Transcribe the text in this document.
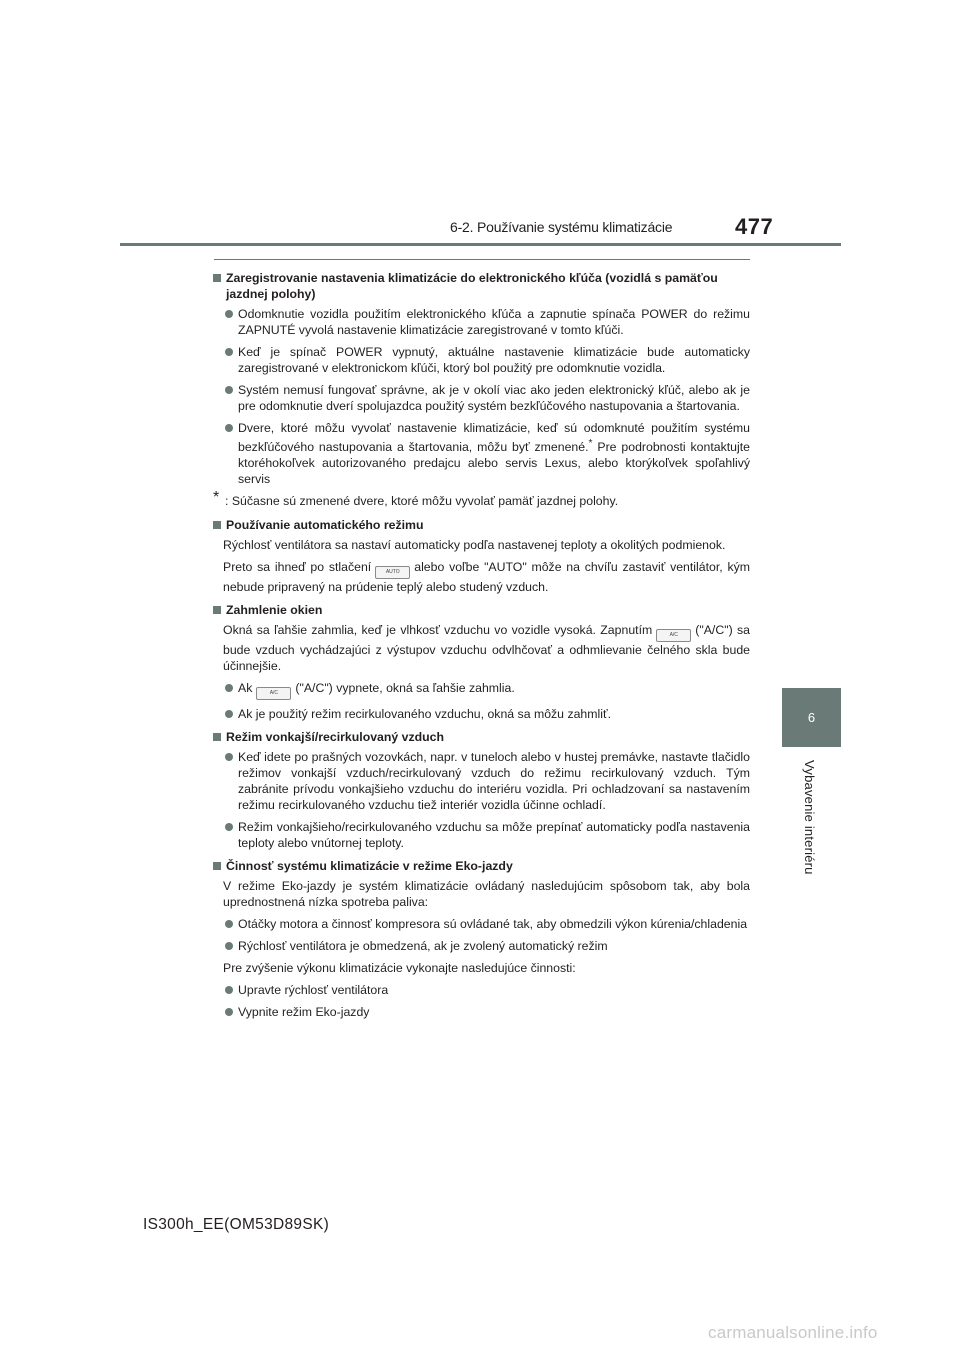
6-2. Používanie systému klimatizácie	477
6
Vybavenie interiéru
Zaregistrovanie nastavenia klimatizácie do elektronického kľúča (vozidlá s pamäťou jazdnej polohy)
Odomknutie vozidla použitím elektronického kľúča a zapnutie spínača POWER do režimu ZAPNUTÉ vyvolá nastavenie klimatizácie zaregistrované v tomto kľúči.
Keď je spínač POWER vypnutý, aktuálne nastavenie klimatizácie bude automaticky zaregistrované v elektronickom kľúči, ktorý bol použitý pre odomknutie vozidla.
Systém nemusí fungovať správne, ak je v okolí viac ako jeden elektronický kľúč, alebo ak je pre odomknutie dverí spolujazdca použitý systém bezkľúčového nastupovania a štartovania.
Dvere, ktoré môžu vyvolať nastavenie klimatizácie, keď sú odomknuté použitím systému bezkľúčového nastupovania a štartovania, môžu byť zmenené.* Pre podrobnosti kontaktujte ktoréhokoľvek autorizovaného predajcu alebo servis Lexus, alebo ktorýkoľvek spoľahlivý servis
* : Súčasne sú zmenené dvere, ktoré môžu vyvolať pamäť jazdnej polohy.
Používanie automatického režimu
Rýchlosť ventilátora sa nastaví automaticky podľa nastavenej teploty a okolitých podmienok.
Preto sa ihneď po stlačení	AUTO alebo voľbe "AUTO" môže na chvíľu zastaviť ventilátor, kým nebude pripravený na prúdenie teplý alebo studený vzduch.
Zahmlenie okien
Okná sa ľahšie zahmlia, keď je vlhkosť vzduchu vo vozidle vysoká. Zapnutím	A/C ("A/C") sa bude vzduch vychádzajúci z výstupov vzduchu odvlhčovať a odhmlievanie čelného skla bude účinnejšie.
Ak	A/C ("A/C") vypnete, okná sa ľahšie zahmlia.
Ak je použitý režim recirkulovaného vzduchu, okná sa môžu zahmliť.
Režim vonkajší/recirkulovaný vzduch
Keď idete po prašných vozovkách, napr. v tuneloch alebo v hustej premávke, nastavte tlačidlo režimov vonkajší vzduch/recirkulovaný vzduch do režimu recirkulovaný vzduch. Tým zabránite prívodu vonkajšieho vzduchu do interiéru vozidla. Pri ochladzovaní sa nastavením režimu recirkulovaného vzduchu tiež interiér vozidla účinne ochladí.
Režim vonkajšieho/recirkulovaného vzduchu sa môže prepínať automaticky podľa nastavenia teploty alebo vnútornej teploty.
Činnosť systému klimatizácie v režime Eko-jazdy
V režime Eko-jazdy je systém klimatizácie ovládaný nasledujúcim spôsobom tak, aby bola uprednostnená nízka spotreba paliva:
Otáčky motora a činnosť kompresora sú ovládané tak, aby obmedzili výkon kúrenia/chladenia
Rýchlosť ventilátora je obmedzená, ak je zvolený automatický režim
Pre zvýšenie výkonu klimatizácie vykonajte nasledujúce činnosti:
Upravte rýchlosť ventilátora
Vypnite režim Eko-jazdy
IS300h_EE(OM53D89SK)
carmanualsonline.info
